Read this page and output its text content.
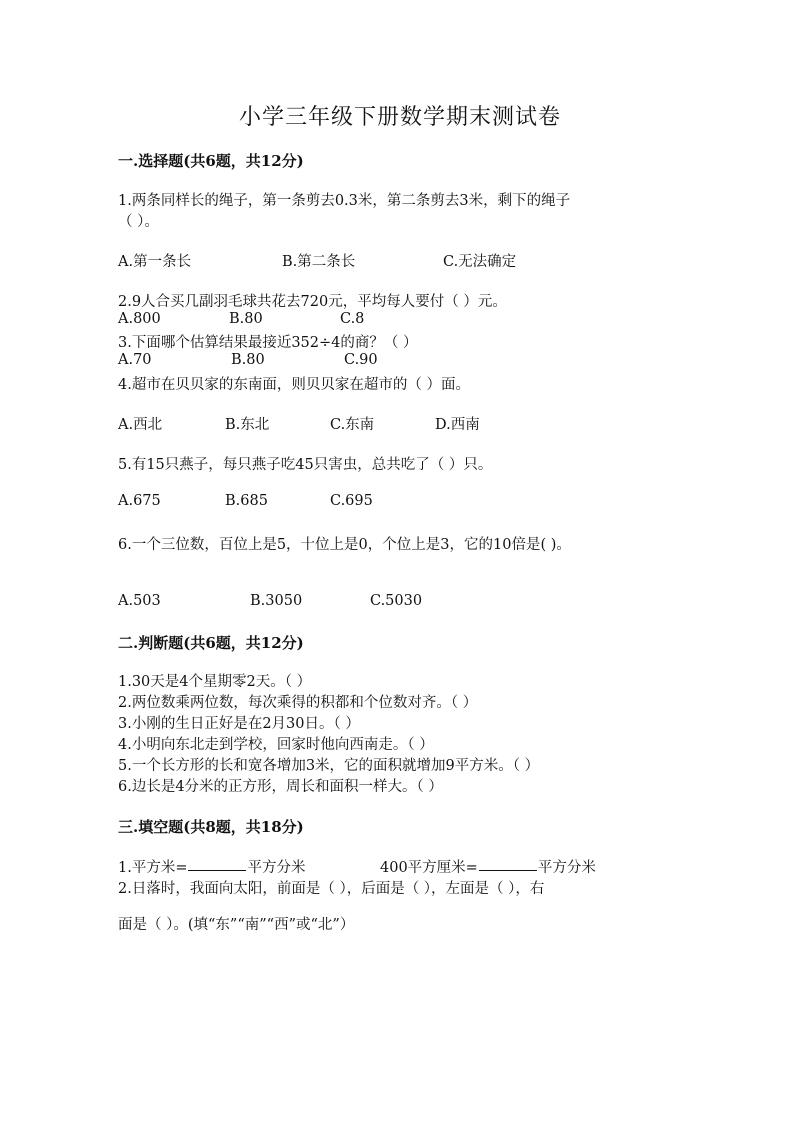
小学三年级下册数学期末测试卷
一.选择题(共6题，共12分)
1.两条同样长的绳子，第一条剪去0.3米，第二条剪去3米，剩下的绳子
（ ）。
A.第一条长	B.第二条长	C.无法确定
2.9人合买几副羽毛球共花去720元，平均每人要付（ ）元。
A.800	B.80	C.8
3.下面哪个估算结果最接近352÷4的商？（ ）
A.70	B.80	C.90
4.超市在贝贝家的东南面，则贝贝家在超市的（ ）面。
A.西北	B.东北	C.东南	D.西南
5.有15只燕子，每只燕子吃45只害虫，总共吃了（ ）只。
A.675	B.685	C.695
6.一个三位数，百位上是5，十位上是0，个位上是3，它的10倍是( )。
A.503	B.3050	C.5030
二.判断题(共6题，共12分)
1.30天是4个星期零2天。（ ）
2.两位数乘两位数，每次乘得的积都和个位数对齐。（ ）
3.小刚的生日正好是在2月30日。（ ）
4.小明向东北走到学校，回家时他向西南走。（ ）
5.一个长方形的长和宽各增加3米，它的面积就增加9平方米。（ ）
6.边长是4分米的正方形，周长和面积一样大。（ ）
三.填空题(共8题，共18分)
1.平方米=	平方分米	400平方厘米=	平方分米
2.日落时，我面向太阳，前面是（ ），后面是（ ），左面是（ ），右
面是（ ）。(填“东”“南”“西”或“北”）
